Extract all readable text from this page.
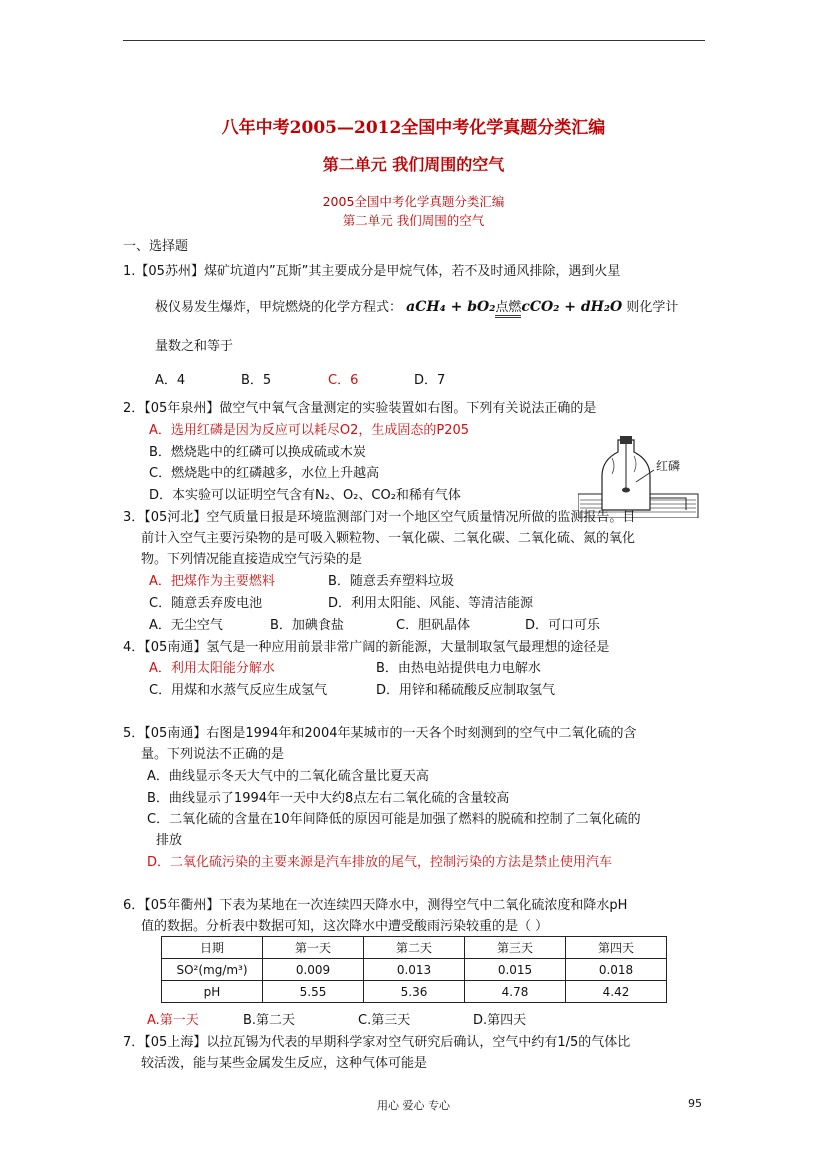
八年中考2005—2012全国中考化学真题分类汇编
第二单元 我们周围的空气
2005全国中考化学真题分类汇编
第二单元 我们周围的空气
一、选择题
1.【05苏州】煤矿坑道内”瓦斯”其主要成分是甲烷气体，若不及时通风排除，遇到火星
极仪易发生爆炸，甲烷燃烧的化学方程式： aCH₄ + bO₂点燃cCO₂ + dH₂O 则化学计
量数之和等于
A．4	B．5	C．6	D．7
2．【05年泉州】做空气中氧气含量测定的实验装置如右图。下列有关说法正确的是
A．选用红磷是因为反应可以耗尽O2，生成固态的P205
B．燃烧匙中的红磷可以换成硫或木炭
C．燃烧匙中的红磷越多，水位上升越高
D．本实验可以证明空气含有N₂、O₂、CO₂和稀有气体
红磷
3．【05河北】空气质量日报是环境监测部门对一个地区空气质量情况所做的监测报告。目
前计入空气主要污染物的是可吸入颗粒物、一氧化碳、二氧化碳、二氧化硫、氮的氧化
物。下列情况能直接造成空气污染的是
A．把煤作为主要燃料	B．随意丢弃塑料垃圾
C．随意丢弃废电池	D．利用太阳能、风能、等清洁能源
A．无尘空气	B．加碘食盐	C．胆矾晶体	D．可口可乐
4．【05南通】氢气是一种应用前景非常广阔的新能源，大量制取氢气最理想的途径是
A．利用太阳能分解水	B．由热电站提供电力电解水
C．用煤和水蒸气反应生成氢气	D．用锌和稀硫酸反应制取氢气
5．【05南通】右图是1994年和2004年某城市的一天各个时刻测到的空气中二氧化硫的含
量。下列说法不正确的是
A．曲线显示冬天大气中的二氧化硫含量比夏天高
B．曲线显示了1994年一天中大约8点左右二氧化硫的含量较高
C．二氧化硫的含量在10年间降低的原因可能是加强了燃料的脱硫和控制了二氧化硫的
排放
D．二氧化硫污染的主要来源是汽车排放的尾气，控制污染的方法是禁止使用汽车
6．【05年衢州】下表为某地在一次连续四天降水中，测得空气中二氧化硫浓度和降水pH
值的数据。分析表中数据可知，这次降水中遭受酸雨污染较重的是（ ）
日期	第一天	第二天	第三天	第四天
SO²(mg/m³)	0.009	0.013	0.015	0.018
pH	5.55	5.36	4.78	4.42
A.第一天	B.第二天	C.第三天	D.第四天
7．【05上海】以拉瓦锡为代表的早期科学家对空气研究后确认，空气中约有1/5的气体比
较活泼，能与某些金属发生反应，这种气体可能是
用心 爱心 专心	95
